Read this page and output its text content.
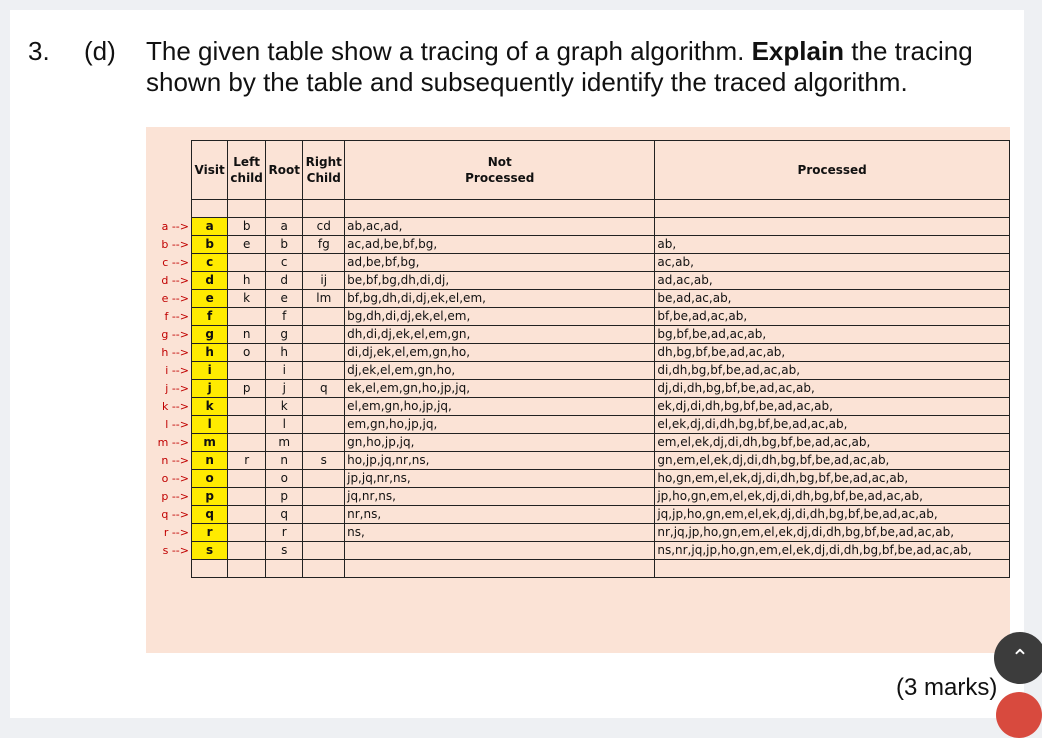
3. (d) The given table show a tracing of a graph algorithm. Explain the tracing shown by the table and subsequently identify the traced algorithm.
a -->
b -->
c -->
d -->
e -->
f -->
g -->
h -->
i -->
j -->
k -->
l -->
m -->
n -->
o -->
p -->
q -->
r -->
s -->
Visit	Left child	Root	Right Child	Not Processed	Processed

a	b	a	cd	ab,ac,ad,	
b	e	b	fg	ac,ad,be,bf,bg,	ab,
c		c		ad,be,bf,bg,	ac,ab,
d	h	d	ij	be,bf,bg,dh,di,dj,	ad,ac,ab,
e	k	e	lm	bf,bg,dh,di,dj,ek,el,em,	be,ad,ac,ab,
f		f		bg,dh,di,dj,ek,el,em,	bf,be,ad,ac,ab,
g	n	g		dh,di,dj,ek,el,em,gn,	bg,bf,be,ad,ac,ab,
h	o	h		di,dj,ek,el,em,gn,ho,	dh,bg,bf,be,ad,ac,ab,
i		i		dj,ek,el,em,gn,ho,	di,dh,bg,bf,be,ad,ac,ab,
j	p	j	q	ek,el,em,gn,ho,jp,jq,	dj,di,dh,bg,bf,be,ad,ac,ab,
k		k		el,em,gn,ho,jp,jq,	ek,dj,di,dh,bg,bf,be,ad,ac,ab,
l		l		em,gn,ho,jp,jq,	el,ek,dj,di,dh,bg,bf,be,ad,ac,ab,
m		m		gn,ho,jp,jq,	em,el,ek,dj,di,dh,bg,bf,be,ad,ac,ab,
n	r	n	s	ho,jp,jq,nr,ns,	gn,em,el,ek,dj,di,dh,bg,bf,be,ad,ac,ab,
o		o		jp,jq,nr,ns,	ho,gn,em,el,ek,dj,di,dh,bg,bf,be,ad,ac,ab,
p		p		jq,nr,ns,	jp,ho,gn,em,el,ek,dj,di,dh,bg,bf,be,ad,ac,ab,
q		q		nr,ns,	jq,jp,ho,gn,em,el,ek,dj,di,dh,bg,bf,be,ad,ac,ab,
r		r		ns,	nr,jq,jp,ho,gn,em,el,ek,dj,di,dh,bg,bf,be,ad,ac,ab,
s		s			ns,nr,jq,jp,ho,gn,em,el,ek,dj,di,dh,bg,bf,be,ad,ac,ab,

(3 marks)
⌃
